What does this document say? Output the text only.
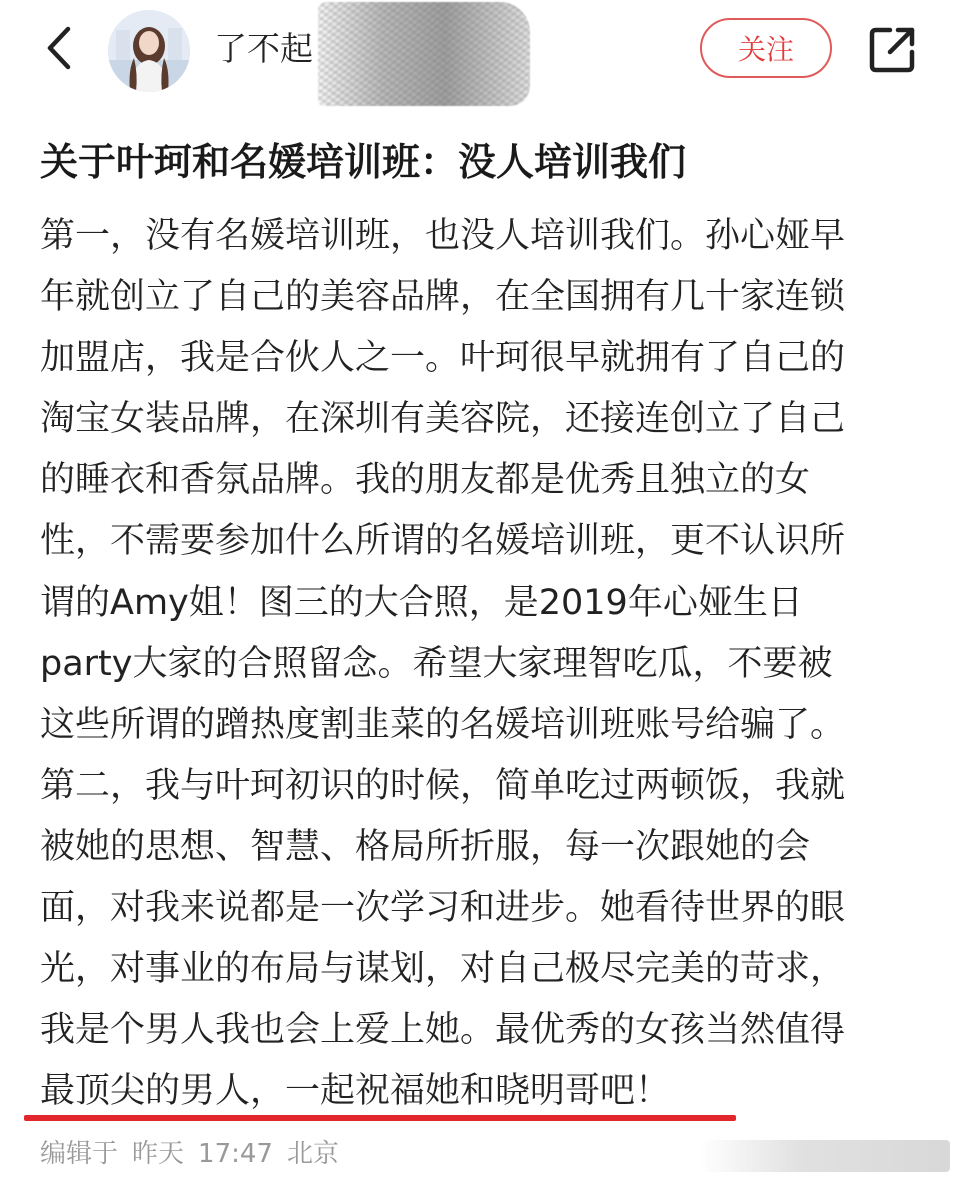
了不起	关注
关于叶珂和名媛培训班：没人培训我们
第一，没有名媛培训班，也没人培训我们。孙心娅早
年就创立了自己的美容品牌，在全国拥有几十家连锁
加盟店，我是合伙人之一。叶珂很早就拥有了自己的
淘宝女装品牌，在深圳有美容院，还接连创立了自己
的睡衣和香氛品牌。我的朋友都是优秀且独立的女
性，不需要参加什么所谓的名媛培训班，更不认识所
谓的Amy姐！图三的大合照，是2019年心娅生日
party大家的合照留念。希望大家理智吃瓜，不要被
这些所谓的蹭热度割韭菜的名媛培训班账号给骗了。
第二，我与叶珂初识的时候，简单吃过两顿饭，我就
被她的思想、智慧、格局所折服，每一次跟她的会
面，对我来说都是一次学习和进步。她看待世界的眼
光，对事业的布局与谋划，对自己极尽完美的苛求，
我是个男人我也会上爱上她。最优秀的女孩当然值得
最顶尖的男人，一起祝福她和晓明哥吧！

编辑于 昨天 17:47 北京
